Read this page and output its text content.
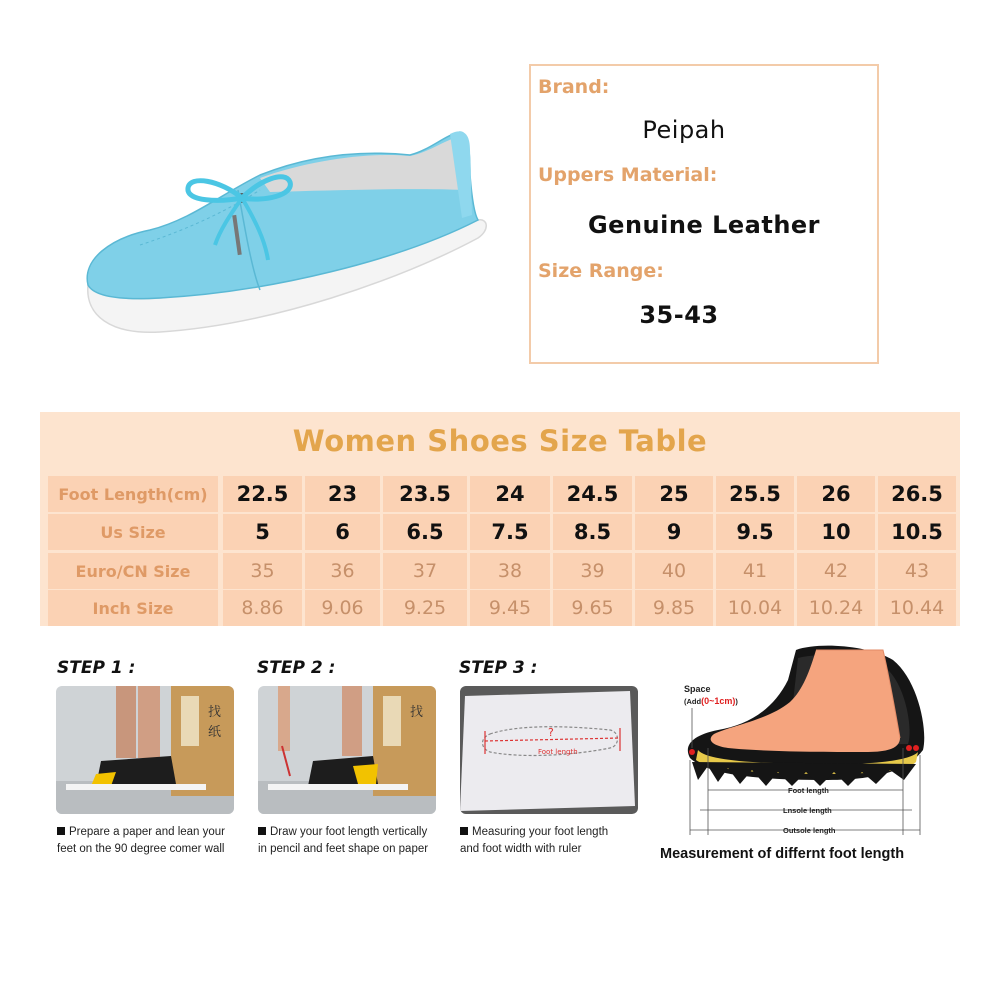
Brand:
Peipah
Uppers Material:
Genuine Leather
Size Range:
35-43
Women Shoes Size Table
Foot Length(cm)	22.5	23	23.5	24	24.5	25	25.5	26	26.5
Us Size	5	6	6.5	7.5	8.5	9	9.5	10	10.5
Euro/CN Size	35	36	37	38	39	40	41	42	43
Inch Size	8.86	9.06	9.25	9.45	9.65	9.85	10.04	10.24	10.44
STEP 1 :	STEP 2 :	STEP 3 :
找
纸
找
?
Foot length
Prepare a paper and lean your
feet on the 90 degree comer wall
Draw your foot length vertically
in pencil and feet shape on paper
Measuring your foot length
and foot width with ruler
Foot length
Lnsole length
Outsole length
Space
(Add(0~1cm))
Measurement of differnt foot length
